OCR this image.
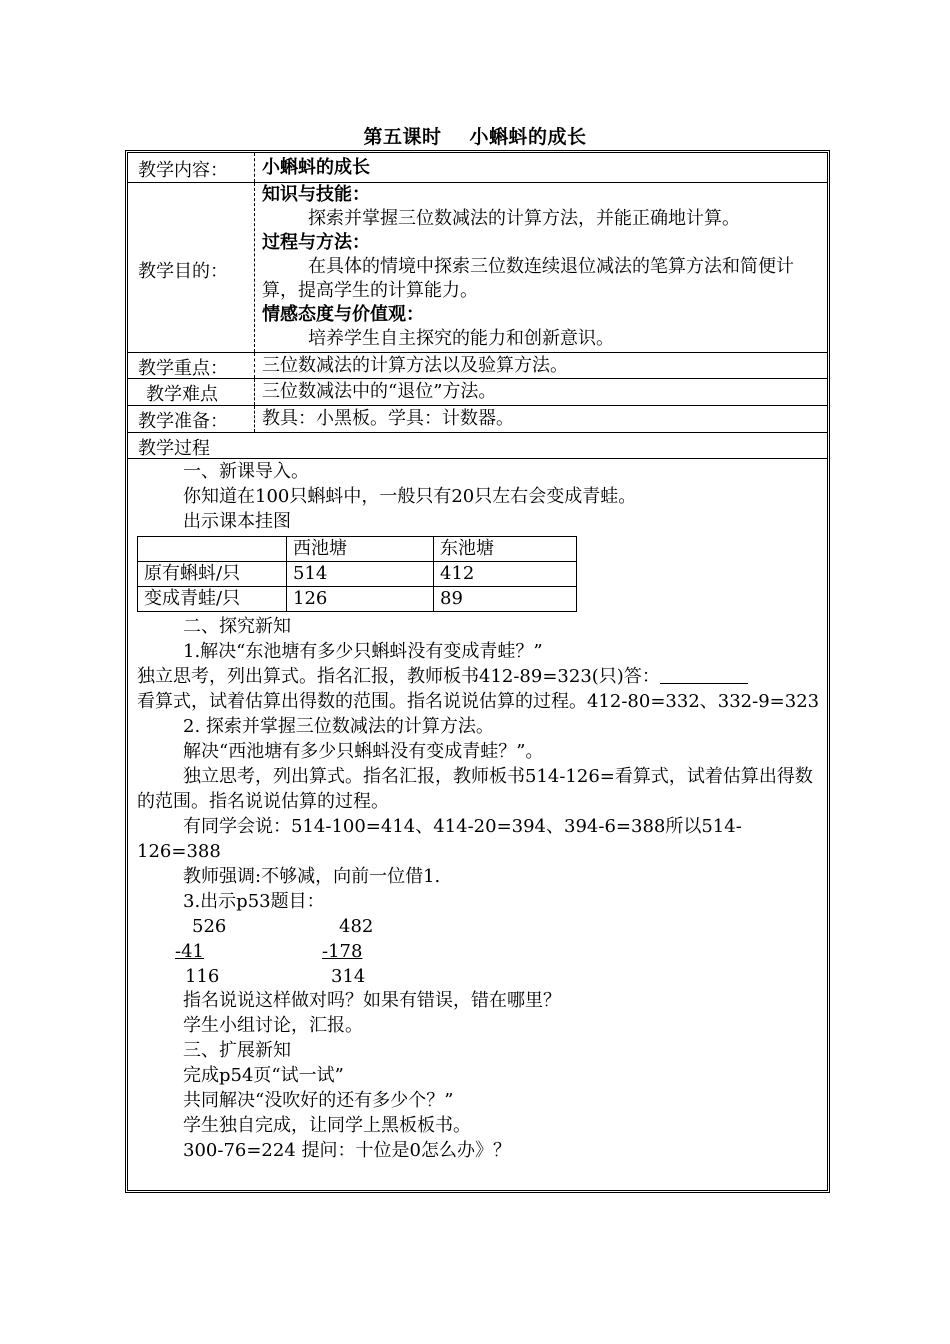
第五课时 小蝌蚪的成长
教学内容：	小蝌蚪的成长
教学目的：
知识与技能：
探索并掌握三位数减法的计算方法，并能正确地计算。
过程与方法：
在具体的情境中探索三位数连续退位减法的笔算方法和简便计算，提高学生的计算能力。
情感态度与价值观：
培养学生自主探究的能力和创新意识。
教学重点：	三位数减法的计算方法以及验算方法。
教学难点	三位数减法中的“退位”方法。
教学准备：	教具：小黑板。学具：计数器。
教学过程

一、新课导入。

你知道在100只蝌蚪中，一般只有20只左右会变成青蛙。

出示课本挂图

	西池塘	东池塘
原有蝌蚪/只	514	412
变成青蛙/只	126	89

二、探究新知

1.解决“东池塘有多少只蝌蚪没有变成青蛙？”

独立思考，列出算式。指名汇报，教师板书412-89=323(只)答：

看算式，试着估算出得数的范围。指名说说估算的过程。412-80=332、332-9=323

2. 探索并掌握三位数减法的计算方法。

解决“西池塘有多少只蝌蚪没有变成青蛙？”。

独立思考，列出算式。指名汇报，教师板书514-126=看算式，试着估算出得数的范围。指名说说估算的过程。

有同学会说：514-100=414、414-20=394、394-6=388所以514-126=388

教师强调:不够减，向前一位借1.

3.出示p53题目：

526
-41
116
482
-178
314

指名说说这样做对吗？如果有错误，错在哪里？

学生小组讨论，汇报。

三、扩展新知

完成p54页“试一试”

共同解决“没吹好的还有多少个？”

学生独自完成，让同学上黑板板书。

300-76=224 提问：十位是0怎么办》？
